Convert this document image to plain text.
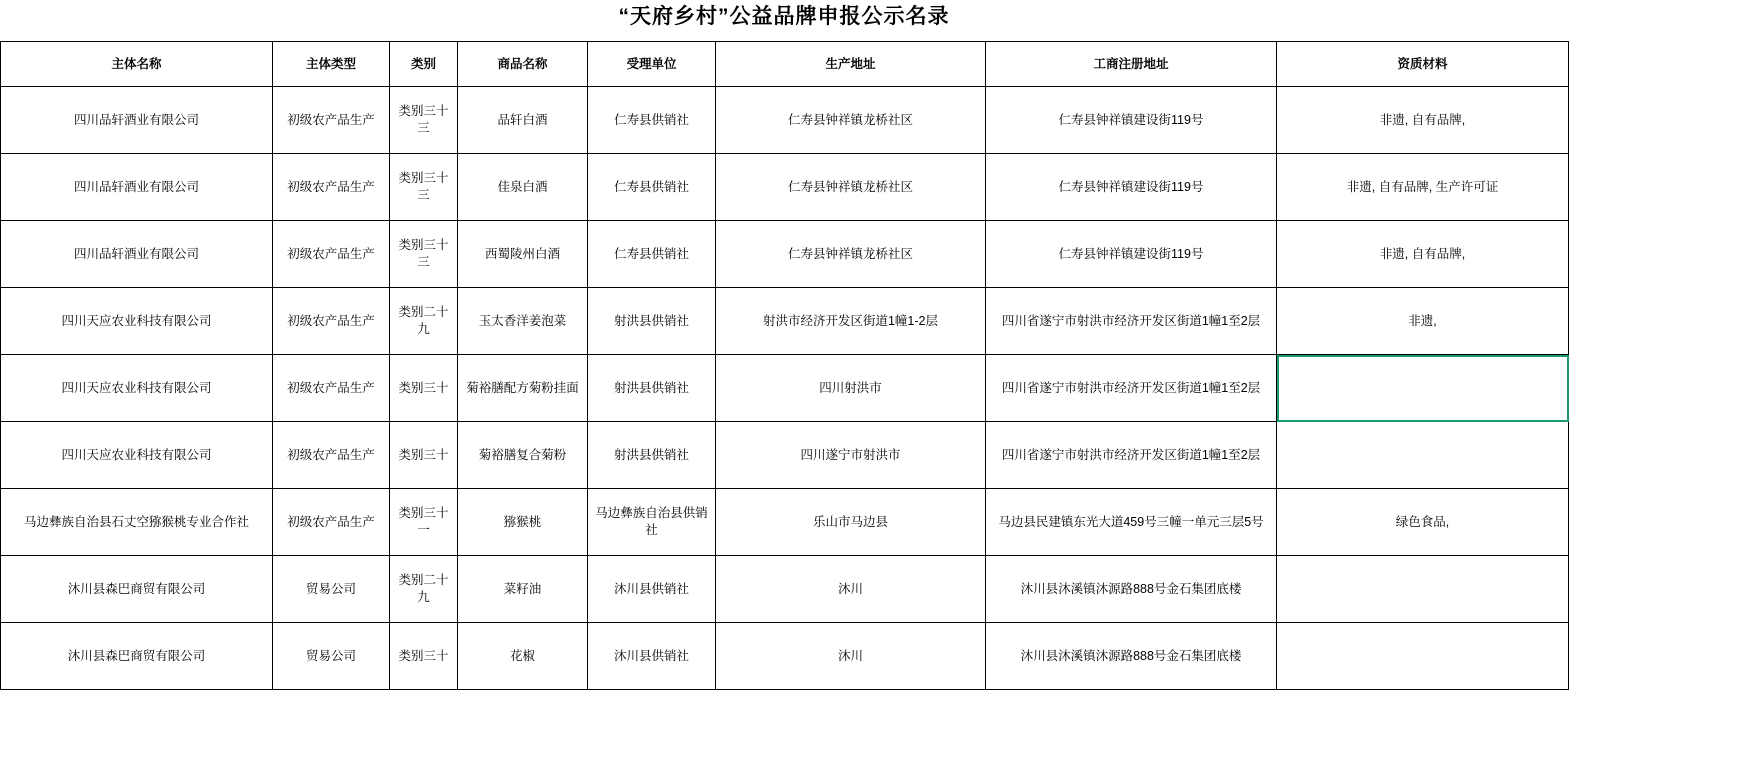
“天府乡村”公益品牌申报公示名录
主体名称	主体类型	类别	商品名称	受理单位	生产地址	工商注册地址	资质材料
四川品轩酒业有限公司	初级农产品生产	类别三十三	品轩白酒	仁寿县供销社	仁寿县钟祥镇龙桥社区	仁寿县钟祥镇建设街119号	非遗, 自有品牌,
四川品轩酒业有限公司	初级农产品生产	类别三十三	佳泉白酒	仁寿县供销社	仁寿县钟祥镇龙桥社区	仁寿县钟祥镇建设街119号	非遗, 自有品牌, 生产许可证
四川品轩酒业有限公司	初级农产品生产	类别三十三	西蜀陵州白酒	仁寿县供销社	仁寿县钟祥镇龙桥社区	仁寿县钟祥镇建设街119号	非遗, 自有品牌,
四川天应农业科技有限公司	初级农产品生产	类别二十九	玉太香洋姜泡菜	射洪县供销社	射洪市经济开发区街道1幢1-2层	四川省遂宁市射洪市经济开发区街道1幢1至2层	非遗,
四川天应农业科技有限公司	初级农产品生产	类别三十	菊裕膳配方菊粉挂面	射洪县供销社	四川射洪市	四川省遂宁市射洪市经济开发区街道1幢1至2层	
四川天应农业科技有限公司	初级农产品生产	类别三十	菊裕膳复合菊粉	射洪县供销社	四川遂宁市射洪市	四川省遂宁市射洪市经济开发区街道1幢1至2层	
马边彝族自治县石丈空猕猴桃专业合作社	初级农产品生产	类别三十一	猕猴桃	马边彝族自治县供销社	乐山市马边县	马边县民建镇东光大道459号三幢一单元三层5号	绿色食品,
沐川县森巴商贸有限公司	贸易公司	类别二十九	菜籽油	沐川县供销社	沐川	沐川县沐溪镇沐源路888号金石集团底楼	
沐川县森巴商贸有限公司	贸易公司	类别三十	花椒	沐川县供销社	沐川	沐川县沐溪镇沐源路888号金石集团底楼	
